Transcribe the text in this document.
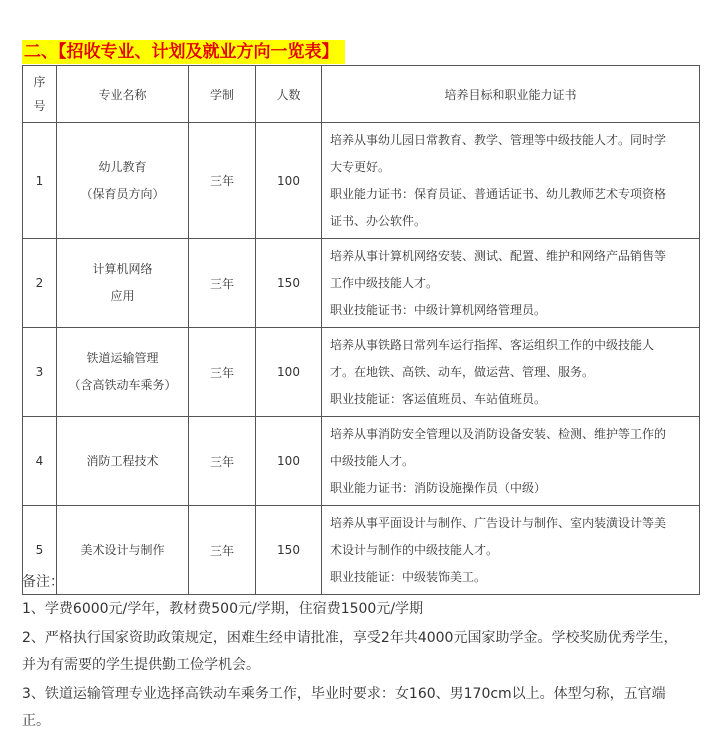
二、【招收专业、计划及就业方向一览表】
序
号	专业名称	学制	人数	培养目标和职业能力证书
1	幼儿教育
（保育员方向）	三年	100	培养从事幼儿园日常教育、教学、管理等中级技能人才。同时学
大专更好。
职业能力证书：保育员证、普通话证书、幼儿教师艺术专项资格
证书、办公软件。

2	计算机网络
应用	三年	150	培养从事计算机网络安装、测试、配置、维护和网络产品销售等
工作中级技能人才。
职业技能证书：中级计算机网络管理员。

3	铁道运输管理
（含高铁动车乘务）	三年	100	培养从事铁路日常列车运行指挥、客运组织工作的中级技能人
才。在地铁、高铁、动车，做运营、管理、服务。
职业技能证：客运值班员、车站值班员。

4	消防工程技术	三年	100	培养从事消防安全管理以及消防设备安装、检测、维护等工作的
中级技能人才。
职业能力证书：消防设施操作员（中级）

5	美术设计与制作	三年	150	培养从事平面设计与制作、广告设计与制作、室内装潢设计等美
术设计与制作的中级技能人才。
职业技能证：中级装饰美工。
备注：
1、学费6000元/学年，教材费500元/学期，住宿费1500元/学期
2、严格执行国家资助政策规定，困难生经申请批准，享受2年共4000元国家助学金。学校奖励优秀学生，
并为有需要的学生提供勤工俭学机会。
3、铁道运输管理专业选择高铁动车乘务工作，毕业时要求：女160、男170cm以上。体型匀称，五官端
正。
